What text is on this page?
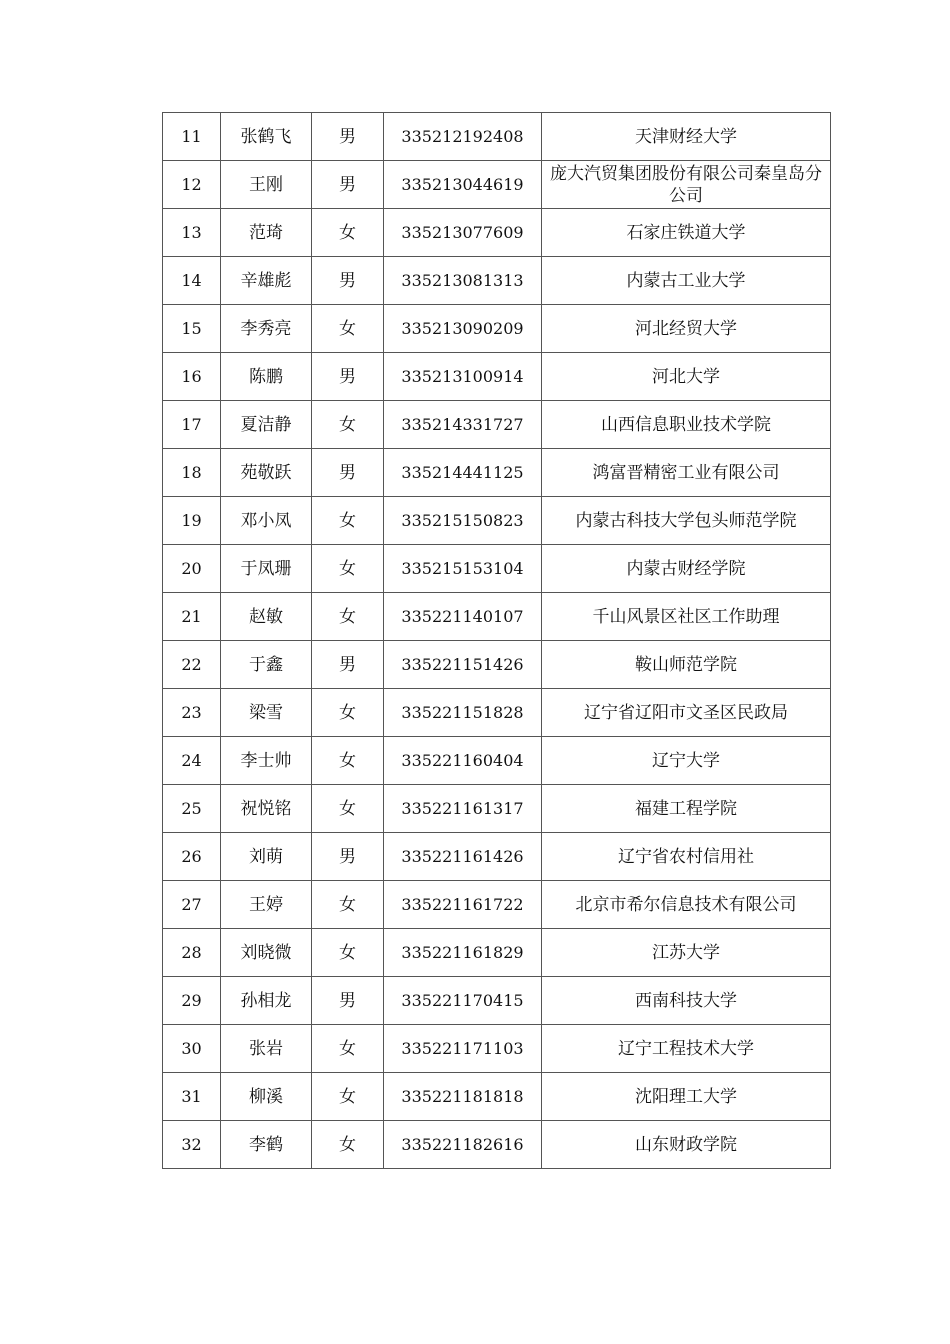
11	张鹤飞	男	335212192408	天津财经大学
12	王刚	男	335213044619	庞大汽贸集团股份有限公司秦皇岛分公司
13	范琦	女	335213077609	石家庄铁道大学
14	辛雄彪	男	335213081313	内蒙古工业大学
15	李秀亮	女	335213090209	河北经贸大学
16	陈鹏	男	335213100914	河北大学
17	夏洁静	女	335214331727	山西信息职业技术学院
18	苑敬跃	男	335214441125	鸿富晋精密工业有限公司
19	邓小凤	女	335215150823	内蒙古科技大学包头师范学院
20	于凤珊	女	335215153104	内蒙古财经学院
21	赵敏	女	335221140107	千山风景区社区工作助理
22	于鑫	男	335221151426	鞍山师范学院
23	梁雪	女	335221151828	辽宁省辽阳市文圣区民政局
24	李士帅	女	335221160404	辽宁大学
25	祝悦铭	女	335221161317	福建工程学院
26	刘萌	男	335221161426	辽宁省农村信用社
27	王婷	女	335221161722	北京市希尔信息技术有限公司
28	刘晓微	女	335221161829	江苏大学
29	孙相龙	男	335221170415	西南科技大学
30	张岩	女	335221171103	辽宁工程技术大学
31	柳溪	女	335221181818	沈阳理工大学
32	李鹤	女	335221182616	山东财政学院
